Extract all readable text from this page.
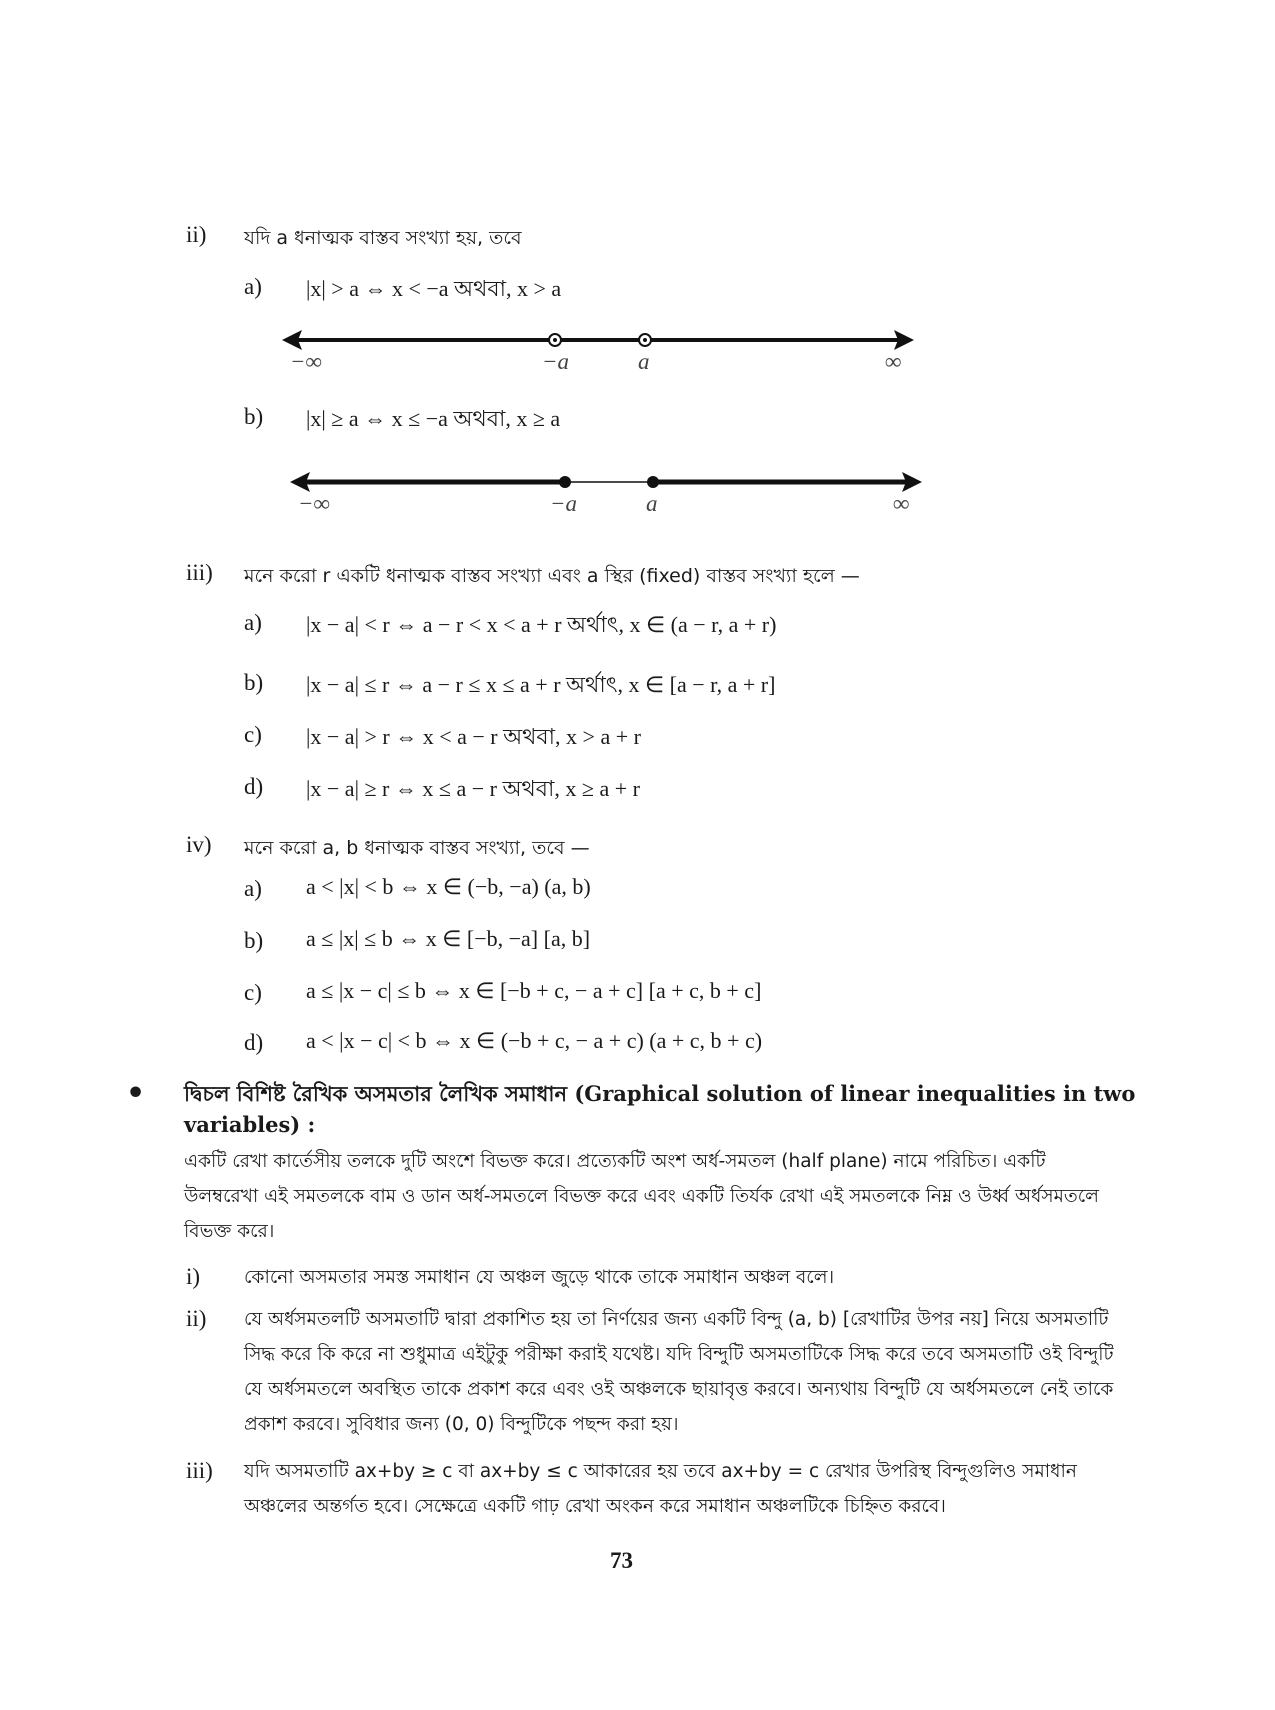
ii) যদি a ধনাত্মক বাস্তব সংখ্যা হয়, তবে
a) |x| > a ⇔ x < −a অথবা, x > a
−∞	−a	a	∞
b) |x| ≥ a ⇔ x ≤ −a অথবা, x ≥ a
−∞	−a	a	∞
iii) মনে করো r একটি ধনাত্মক বাস্তব সংখ্যা এবং a স্থির (fixed) বাস্তব সংখ্যা হলে —
a) |x − a| < r ⇔ a − r < x < a + r অর্থাৎ, x ∈ (a − r, a + r)
b) |x − a| ≤ r ⇔ a − r ≤ x ≤ a + r অর্থাৎ, x ∈ [a − r, a + r]
c) |x − a| > r ⇔ x < a − r অথবা, x > a + r
d) |x − a| ≥ r ⇔ x ≤ a − r অথবা, x ≥ a + r
iv) মনে করো a, b ধনাত্মক বাস্তব সংখ্যা, তবে —
a) a < |x| < b ⇔ x ∈ (−b, −a) (a, b)
b) a ≤ |x| ≤ b ⇔ x ∈ [−b, −a] [a, b]
c) a ≤ |x − c| ≤ b ⇔ x ∈ [−b + c, − a + c] [a + c, b + c]
d) a < |x − c| < b ⇔ x ∈ (−b + c, − a + c) (a + c, b + c)
• দ্বিচল বিশিষ্ট রৈখিক অসমতার লৈখিক সমাধান (Graphical solution of linear inequalities in two
variables) :
একটি রেখা কার্তেসীয় তলকে দুটি অংশে বিভক্ত করে। প্রত্যেকটি অংশ অর্ধ-সমতল (half plane) নামে পরিচিত। একটি উলম্বরেখা এই সমতলকে বাম ও ডান অর্ধ-সমতলে বিভক্ত করে এবং একটি তির্যক রেখা এই সমতলকে নিম্ন ও উর্ধ্ব অর্ধসমতলে বিভক্ত করে।
i) কোনো অসমতার সমস্ত সমাধান যে অঞ্চল জুড়ে থাকে তাকে সমাধান অঞ্চল বলে।
ii) যে অর্ধসমতলটি অসমতাটি দ্বারা প্রকাশিত হয় তা নির্ণয়ের জন্য একটি বিন্দু (a, b) [রেখাটির উপর নয়] নিয়ে অসমতাটি সিদ্ধ করে কি করে না শুধুমাত্র এইটুকু পরীক্ষা করাই যথেষ্ট। যদি বিন্দুটি অসমতাটিকে সিদ্ধ করে তবে অসমতাটি ওই বিন্দুটি যে অর্ধসমতলে অবস্থিত তাকে প্রকাশ করে এবং ওই অঞ্চলকে ছায়াবৃত্ত করবে। অন্যথায় বিন্দুটি যে অর্ধসমতলে নেই তাকে প্রকাশ করবে। সুবিধার জন্য (0, 0) বিন্দুটিকে পছন্দ করা হয়।
iii) যদি অসমতাটি ax+by ≥ c বা ax+by ≤ c আকারের হয় তবে ax+by = c রেখার উপরিস্থ বিন্দুগুলিও সমাধান অঞ্চলের অন্তর্গত হবে। সেক্ষেত্রে একটি গাঢ় রেখা অংকন করে সমাধান অঞ্চলটিকে চিহ্নিত করবে।
73
